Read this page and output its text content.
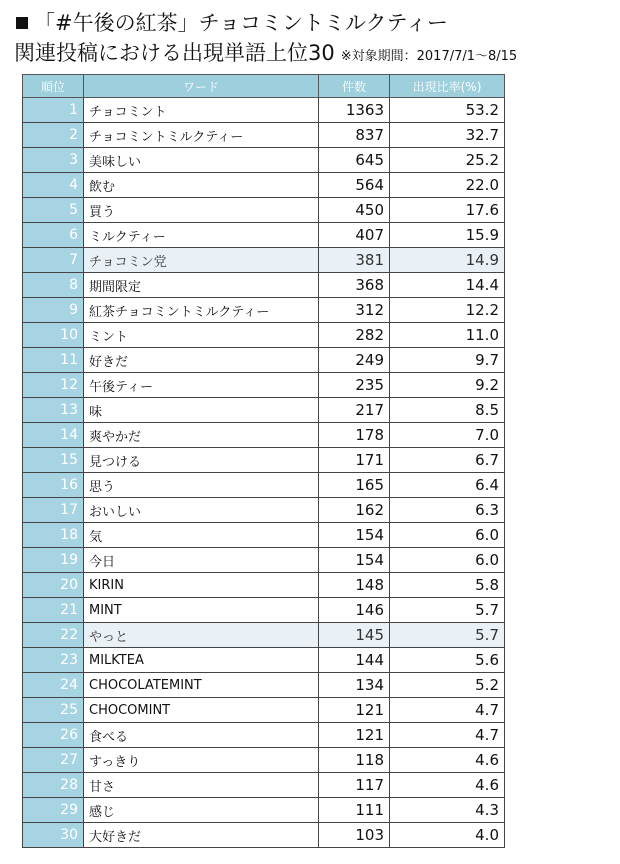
「#午後の紅茶」チョコミントミルクティー
関連投稿における出現単語上位30 ※対象期間：2017/7/1～8/15
順位	ワード	件数	出現比率(%)
1	チョコミント	1363	53.2
2	チョコミントミルクティー	837	32.7
3	美味しい	645	25.2
4	飲む	564	22.0
5	買う	450	17.6
6	ミルクティー	407	15.9
7	チョコミン党	381	14.9
8	期間限定	368	14.4
9	紅茶チョコミントミルクティー	312	12.2
10	ミント	282	11.0
11	好きだ	249	9.7
12	午後ティー	235	9.2
13	味	217	8.5
14	爽やかだ	178	7.0
15	見つける	171	6.7
16	思う	165	6.4
17	おいしい	162	6.3
18	気	154	6.0
19	今日	154	6.0
20	KIRIN	148	5.8
21	MINT	146	5.7
22	やっと	145	5.7
23	MILKTEA	144	5.6
24	CHOCOLATEMINT	134	5.2
25	CHOCOMINT	121	4.7
26	食べる	121	4.7
27	すっきり	118	4.6
28	甘さ	117	4.6
29	感じ	111	4.3
30	大好きだ	103	4.0
